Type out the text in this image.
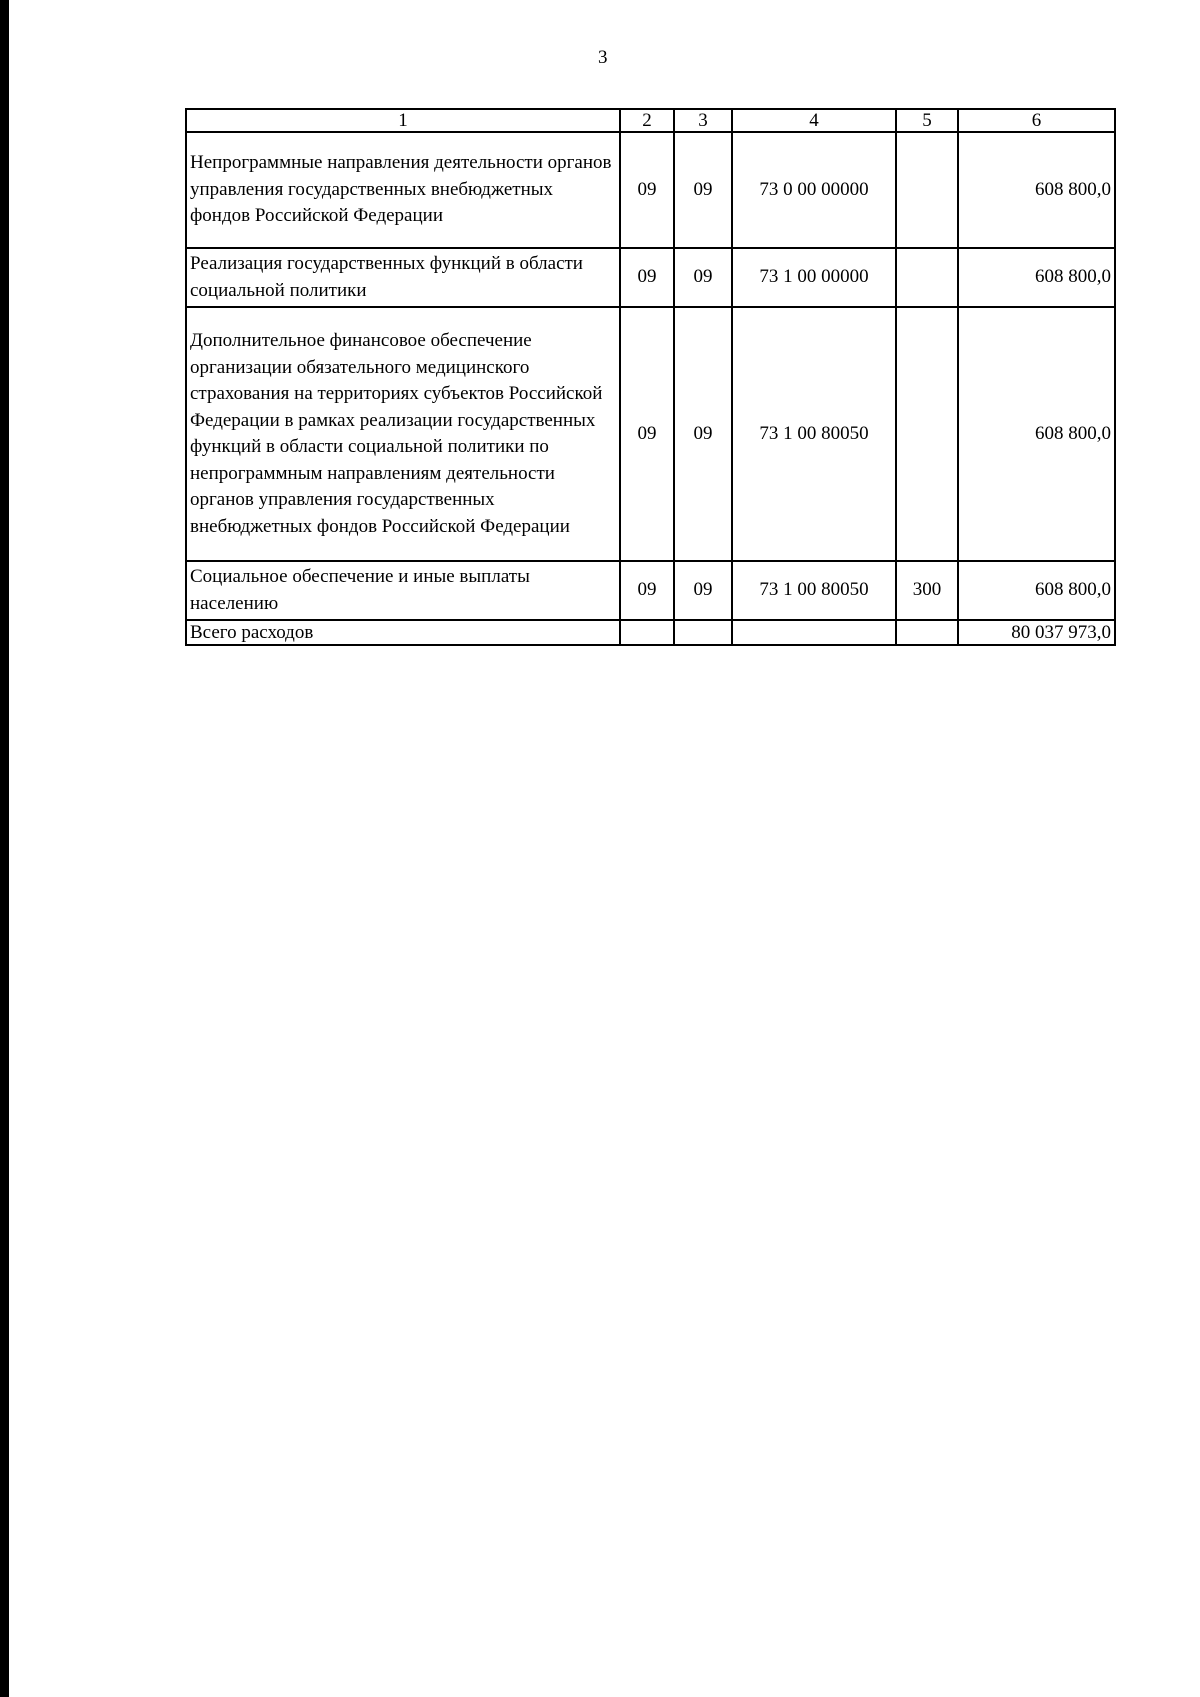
3
1	2	3	4	5	6
Непрограммные направления деятельности органов управления государственных внебюджетных фондов Российской Федерации	09	09	73 0 00 00000		608 800,0
Реализация государственных функций в области социальной политики	09	09	73 1 00 00000		608 800,0
Дополнительное финансовое обеспечение организации обязательного медицинского страхования на территориях субъектов Российской Федерации в рамках реализации государственных функций в области социальной политики по непрограммным направлениям деятельности органов управления государственных внебюджетных фондов Российской Федерации	09	09	73 1 00 80050		608 800,0
Социальное обеспечение и иные выплаты населению	09	09	73 1 00 80050	300	608 800,0
Всего расходов					80 037 973,0
